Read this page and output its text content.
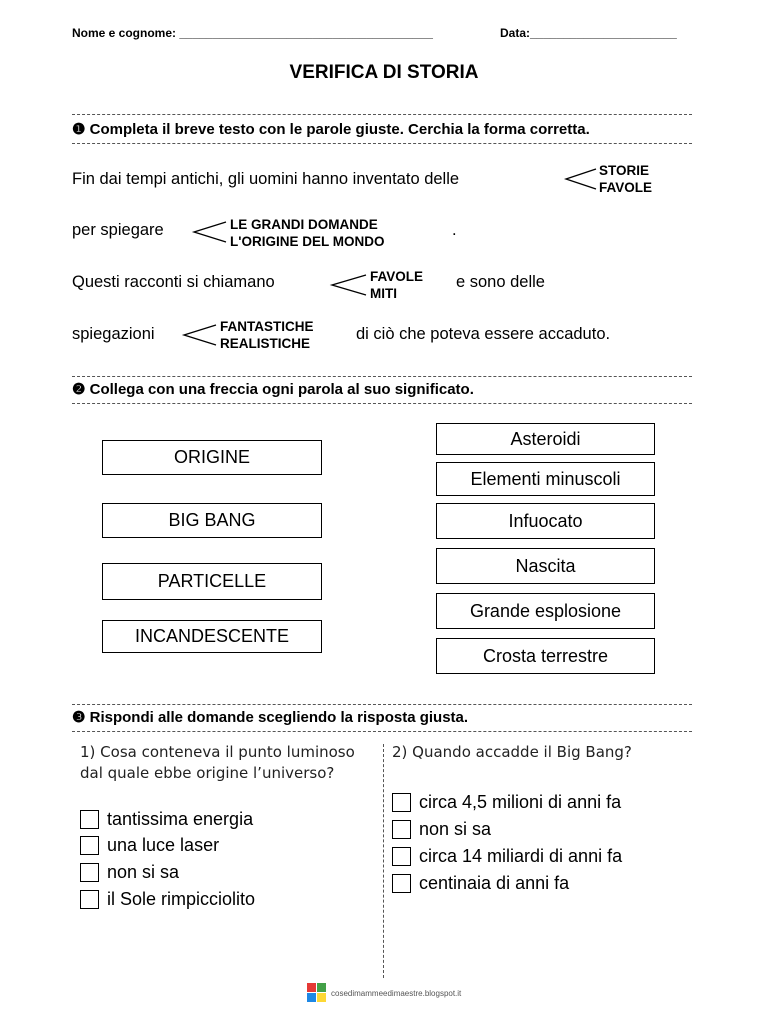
Nome e cognome: ______________________________________	Data:______________________
VERIFICA DI STORIA
❶ Completa il breve testo con le parole giuste. Cerchia la forma corretta.
Fin dai tempi antichi, gli uomini hanno inventato delle	STORIE
FAVOLE
per spiegare	LE GRANDI DOMANDE
L'ORIGINE DEL MONDO
.
Questi racconti si chiamano	FAVOLE
MITI
e sono delle
spiegazioni	FANTASTICHE
REALISTICHE
di ciò che poteva essere accaduto.
❷ Collega con una freccia ogni parola al suo significato.
ORIGINE
BIG BANG
PARTICELLE
INCANDESCENTE
Asteroidi
Elementi minuscoli
Infuocato
Nascita
Grande esplosione
Crosta terrestre
❸ Rispondi alle domande scegliendo la risposta giusta.
1) Cosa conteneva il punto luminoso dal quale ebbe origine l’universo?
tantissima energia
una luce laser
non si sa
il Sole rimpicciolito
2) Quando accadde il Big Bang?
circa 4,5 milioni di anni fa
non si sa
circa 14 miliardi di anni fa
centinaia di anni fa
cosedimammeedimaestre.blogspot.it
